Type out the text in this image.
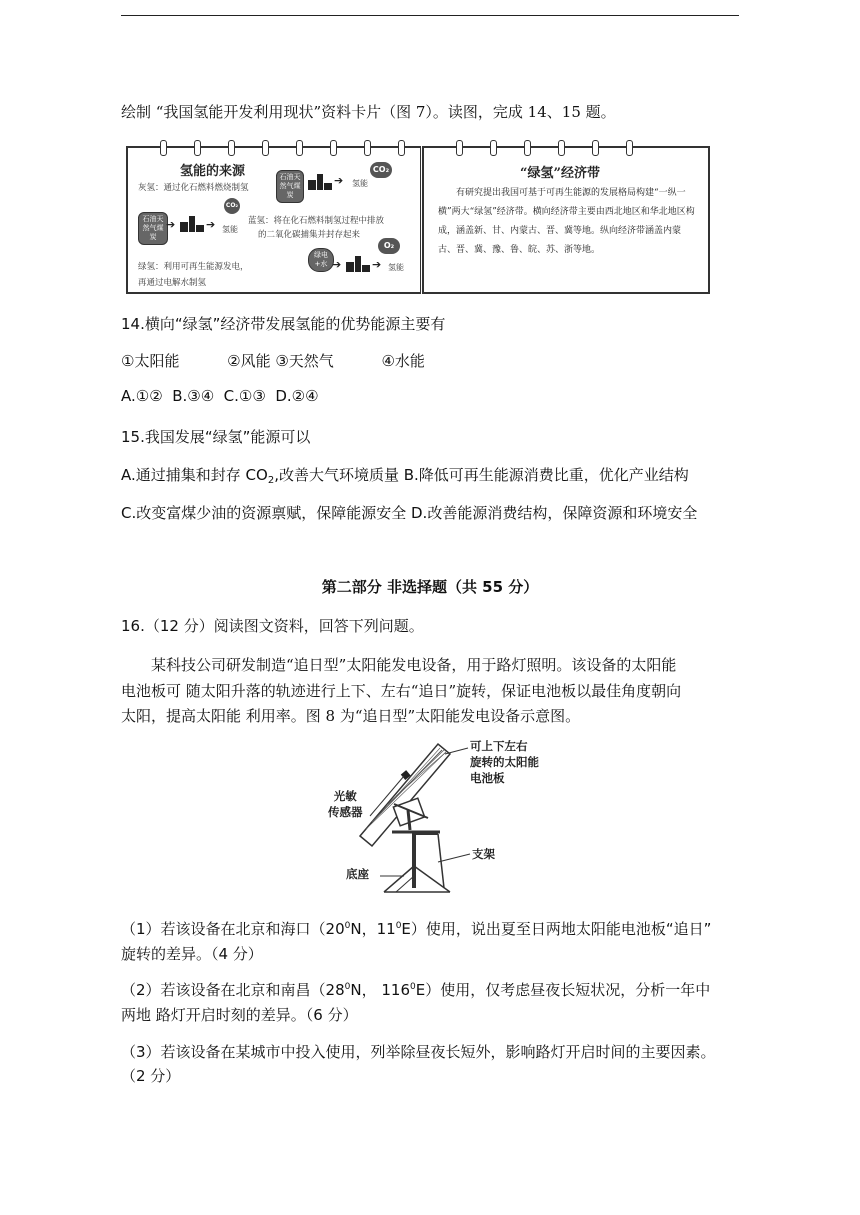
绘制 “我国氢能开发利用现状”资料卡片（图 7）。读图，完成 14、15 题。
氢能的来源
灰氢：通过化石燃料燃烧制氢
蓝氢：将在化石燃料制氢过程中排放
的二氧化碳捕集并封存起来
绿氢：利用可再生能源发电，
再通过电解水制氢
石油天然气煤炭
CO₂
➔ 氢能
石油天然气煤炭
➔
CO₂
➔ 氢能
绿电+水 ➔
O₂
➔ 氢能
“绿氢”经济带
有研究提出我国可基于可再生能源的发展格局构建“一纵一横”两大“绿氢”经济带。横向经济带主要由西北地区和华北地区构成，涵盖新、甘、内蒙古、晋、冀等地。纵向经济带涵盖内蒙古、晋、冀、豫、鲁、皖、苏、浙等地。
14.横向“绿氢”经济带发展氢能的优势能源主要有
①太阳能          ②风能 ③天然气          ④水能
A.①②  B.③④  C.①③  D.②④
15.我国发展“绿氢”能源可以
A.通过捕集和封存 $CO_2$,改善大气环境质量 B.降低可再生能源消费比重，优化产业结构
C.改变富煤少油的资源禀赋，保障能源安全 D.改善能源消费结构，保障资源和环境安全
第二部分 非选择题（共 55 分）
16.（12 分）阅读图文资料，回答下列问题。
某科技公司研发制造“追日型”太阳能发电设备，用于路灯照明。该设备的太阳能
电池板可 随太阳升落的轨迹进行上下、左右“追日”旋转，保证电池板以最佳角度朝向
太阳，提高太阳能 利用率。图 8 为“追日型”太阳能发电设备示意图。
可上下左右
旋转的太阳能
电池板
光敏
传感器
支架
底座
（1）若该设备在北京和海口（$20^0N$，$11^0E$）使用，说出夏至日两地太阳能电池板“追日”
旋转的差异。（4 分）
（2）若该设备在北京和南昌（$28^0N$， $116^0E$）使用，仅考虑昼夜长短状况，分析一年中
两地 路灯开启时刻的差异。（6 分）
（3）若该设备在某城市中投入使用，列举除昼夜长短外，影响路灯开启时间的主要因素。
（2 分）
